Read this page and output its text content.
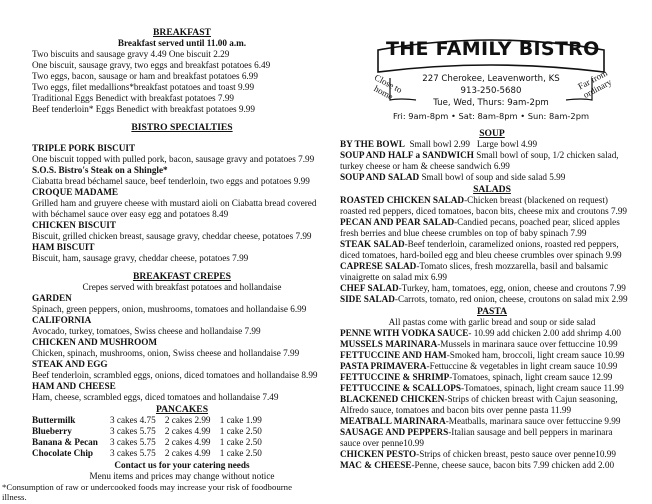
BREAKFAST
Breakfast served until 11.00 a.m.
Two biscuits and sausage gravy 4.49 One biscuit 2.29
One biscuit, sausage gravy, two eggs and breakfast potatoes 6.49
Two eggs, bacon, sausage or ham and breakfast potatoes 6.99
Two eggs, filet medallions*breakfast potatoes and toast 9.99
Traditional Eggs Benedict with breakfast potatoes 7.99
Beef tenderloin* Eggs Benedict with breakfast potatoes 9.99
BISTRO SPECIALTIES
TRIPLE PORK BISCUIT
One biscuit topped with pulled pork, bacon, sausage gravy and potatoes 7.99
S.O.S. Bistro's Steak on a Shingle*
Ciabatta bread béchamel sauce, beef tenderloin, two eggs and potatoes 9.99
CROQUE MADAME
Grilled ham and gruyere cheese with mustard aioli on Ciabatta bread covered
with béchamel sauce over easy egg and potatoes 8.49
CHICKEN BISCUIT
Biscuit, grilled chicken breast, sausage gravy, cheddar cheese, potatoes 7.99
HAM BISCUIT
Biscuit, ham, sausage gravy, cheddar cheese, potatoes 7.99
BREAKFAST CREPES
Crepes served with breakfast potatoes and hollandaise
GARDEN
Spinach, green peppers, onion, mushrooms, tomatoes and hollandaise 6.99
CALIFORNIA
Avocado, turkey, tomatoes, Swiss cheese and hollandaise 7.99
CHICKEN AND MUSHROOM
Chicken, spinach, mushrooms, onion, Swiss cheese and hollandaise 7.99
STEAK AND EGG
Beef tenderloin, scrambled eggs, onions, diced tomatoes and hollandaise 8.99
HAM AND CHEESE
Ham, cheese, scrambled eggs, diced tomatoes and hollandaise 7.49
PANCAKES
Buttermilk	3 cakes 4.75    2 cakes 2.99    1 cake 1.99
Blueberry	3 cakes 5.75    2 cakes 4.99    1 cake 2.50
Banana & Pecan 3 cakes 5.75    2 cakes 4.99    1 cake 2.50
Chocolate Chip 3 cakes 5.75    2 cakes 4.99    1 cake 2.50
Contact us for your catering needs
Menu items and prices may change without notice
*Consumption of raw or undercooked foods may increase your risk of foodbourne
illness.
THE FAMILY BISTRO
Close to home
Far from ordinary
227 Cherokee, Leavenworth, KS
913-250-5680
Tue, Wed, Thurs: 9am-2pm
Fri: 9am-8pm • Sat: 8am-8pm • Sun: 8am-2pm
SOUP
BY THE BOWL  Small bowl 2.99   Large bowl 4.99
SOUP AND HALF a SANDWICH Small bowl of soup, 1/2 chicken salad,
turkey cheese or ham & cheese sandwich 6.99
SOUP AND SALAD Small bowl of soup and side salad 5.99
SALADS
ROASTED CHICKEN SALAD-Chicken breast (blackened on request)
roasted red peppers, diced tomatoes, bacon bits, cheese mix and croutons 7.99
PECAN AND PEAR SALAD-Candied pecans, poached pear, sliced apples
fresh berries and blue cheese crumbles on top of baby spinach 7.99
STEAK SALAD-Beef tenderloin, caramelized onions, roasted red peppers,
diced tomatoes, hard-boiled egg and bleu cheese crumbles over spinach 9.99
CAPRESE SALAD-Tomato slices, fresh mozzarella, basil and balsamic
vinaigrette on salad mix 6.99
CHEF SALAD-Turkey, ham, tomatoes, egg, onion, cheese and croutons 7.99
SIDE SALAD-Carrots, tomato, red onion, cheese, croutons on salad mix 2.99
PASTA
All pastas come with garlic bread and soup or side salad
PENNE WITH VODKA SAUCE- 10.99 add chicken 2.00 add shrimp 4.00
MUSSELS MARINARA-Mussels in marinara sauce over fettuccine 10.99
FETTUCCINE AND HAM-Smoked ham, broccoli, light cream sauce 10.99
PASTA PRIMAVERA-Fettuccine & vegetables in light cream sauce 10.99
FETTUCCINE & SHRIMP-Tomatoes, spinach, light cream sauce 12.99
FETTUCCINE & SCALLOPS-Tomatoes, spinach, light cream sauce 11.99
BLACKENED CHICKEN-Strips of chicken breast with Cajun seasoning,
Alfredo sauce, tomatoes and bacon bits over penne pasta 11.99
MEATBALL MARINARA-Meatballs, marinara sauce over fettuccine 9.99
SAUSAGE AND PEPPERS-Italian sausage and bell peppers in marinara
sauce over penne10.99
CHICKEN PESTO-Strips of chicken breast, pesto sauce over penne10.99
MAC & CHEESE-Penne, cheese sauce, bacon bits 7.99 chicken add 2.00
